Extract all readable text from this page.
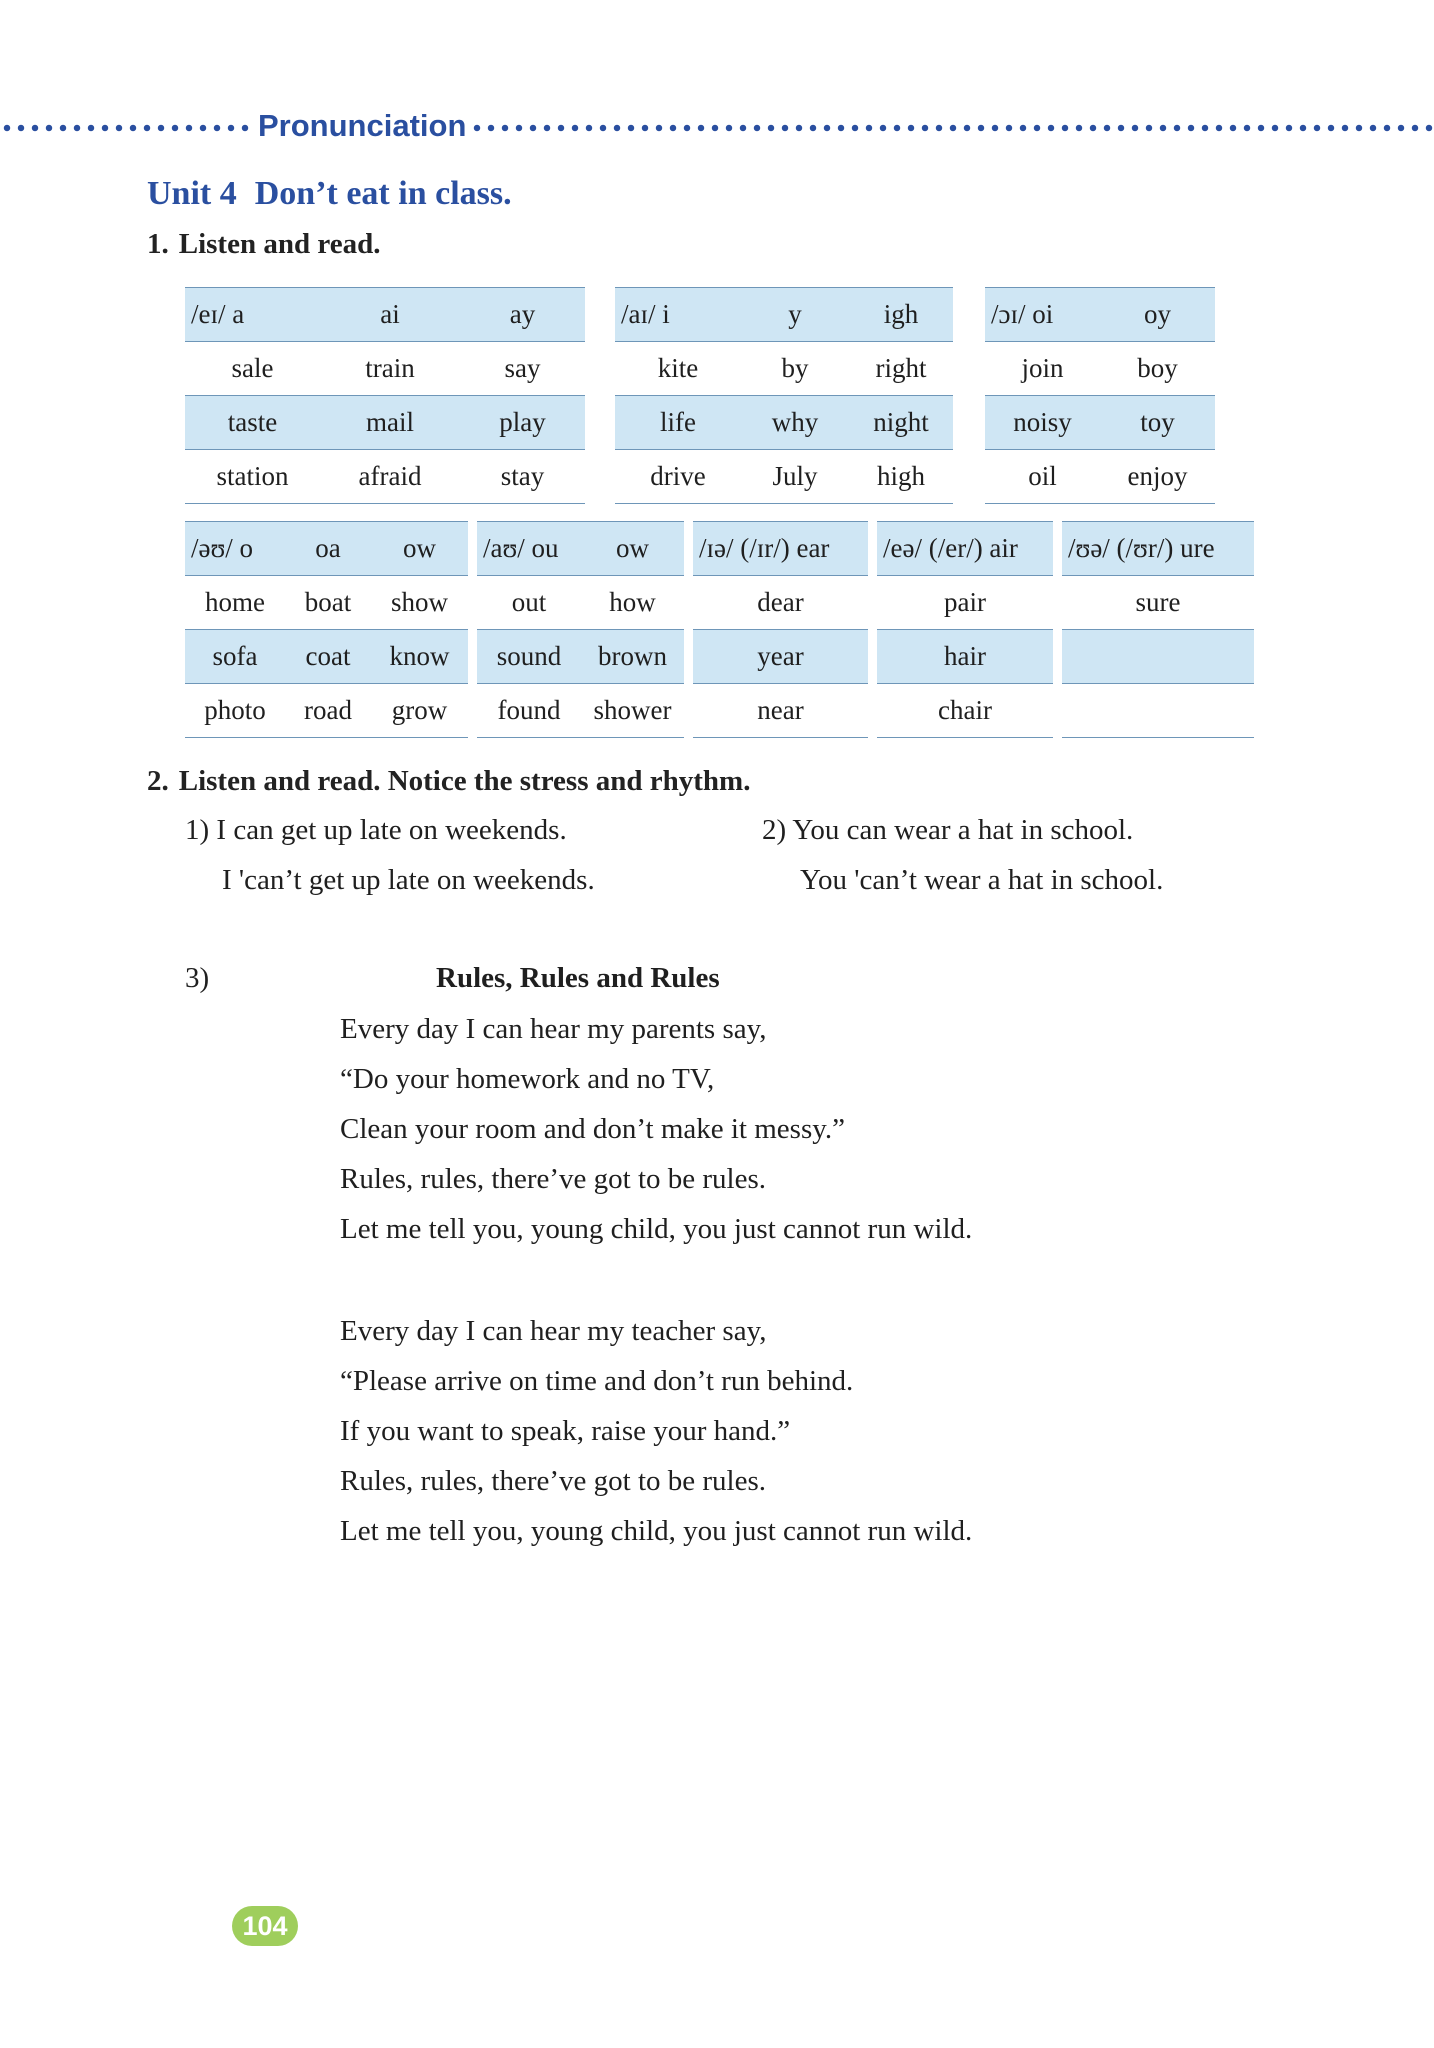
Pronunciation
Unit 4 Don’t eat in class.
1. Listen and read.
/eɪ/ a	ai	ay
sale	train	say
taste	mail	play
station	afraid	stay
/aɪ/ i	y	igh
kite	by	right
life	why	night
drive	July	high
/ɔɪ/ oi	oy
join	boy
noisy	toy
oil	enjoy
/əʊ/ o	oa	ow
home	boat	show
sofa	coat	know
photo	road	grow
/aʊ/ ou	ow
out	how
sound	brown
found	shower
/ɪə/ (/ɪr/) ear
dear
year
near
/eə/ (/er/) air
pair
hair
chair
/ʊə/ (/ʊr/) ure
sure

2. Listen and read. Notice the stress and rhythm.
1) I can get up late on weekends.
I 'can’t get up late on weekends.
2) You can wear a hat in school.
You 'can’t wear a hat in school.
3)	Rules, Rules and Rules
Every day I can hear my parents say,
“Do your homework and no TV,
Clean your room and don’t make it messy.”
Rules, rules, there’ve got to be rules.
Let me tell you, young child, you just cannot run wild.
Every day I can hear my teacher say,
“Please arrive on time and don’t run behind.
If you want to speak, raise your hand.”
Rules, rules, there’ve got to be rules.
Let me tell you, young child, you just cannot run wild.
104
